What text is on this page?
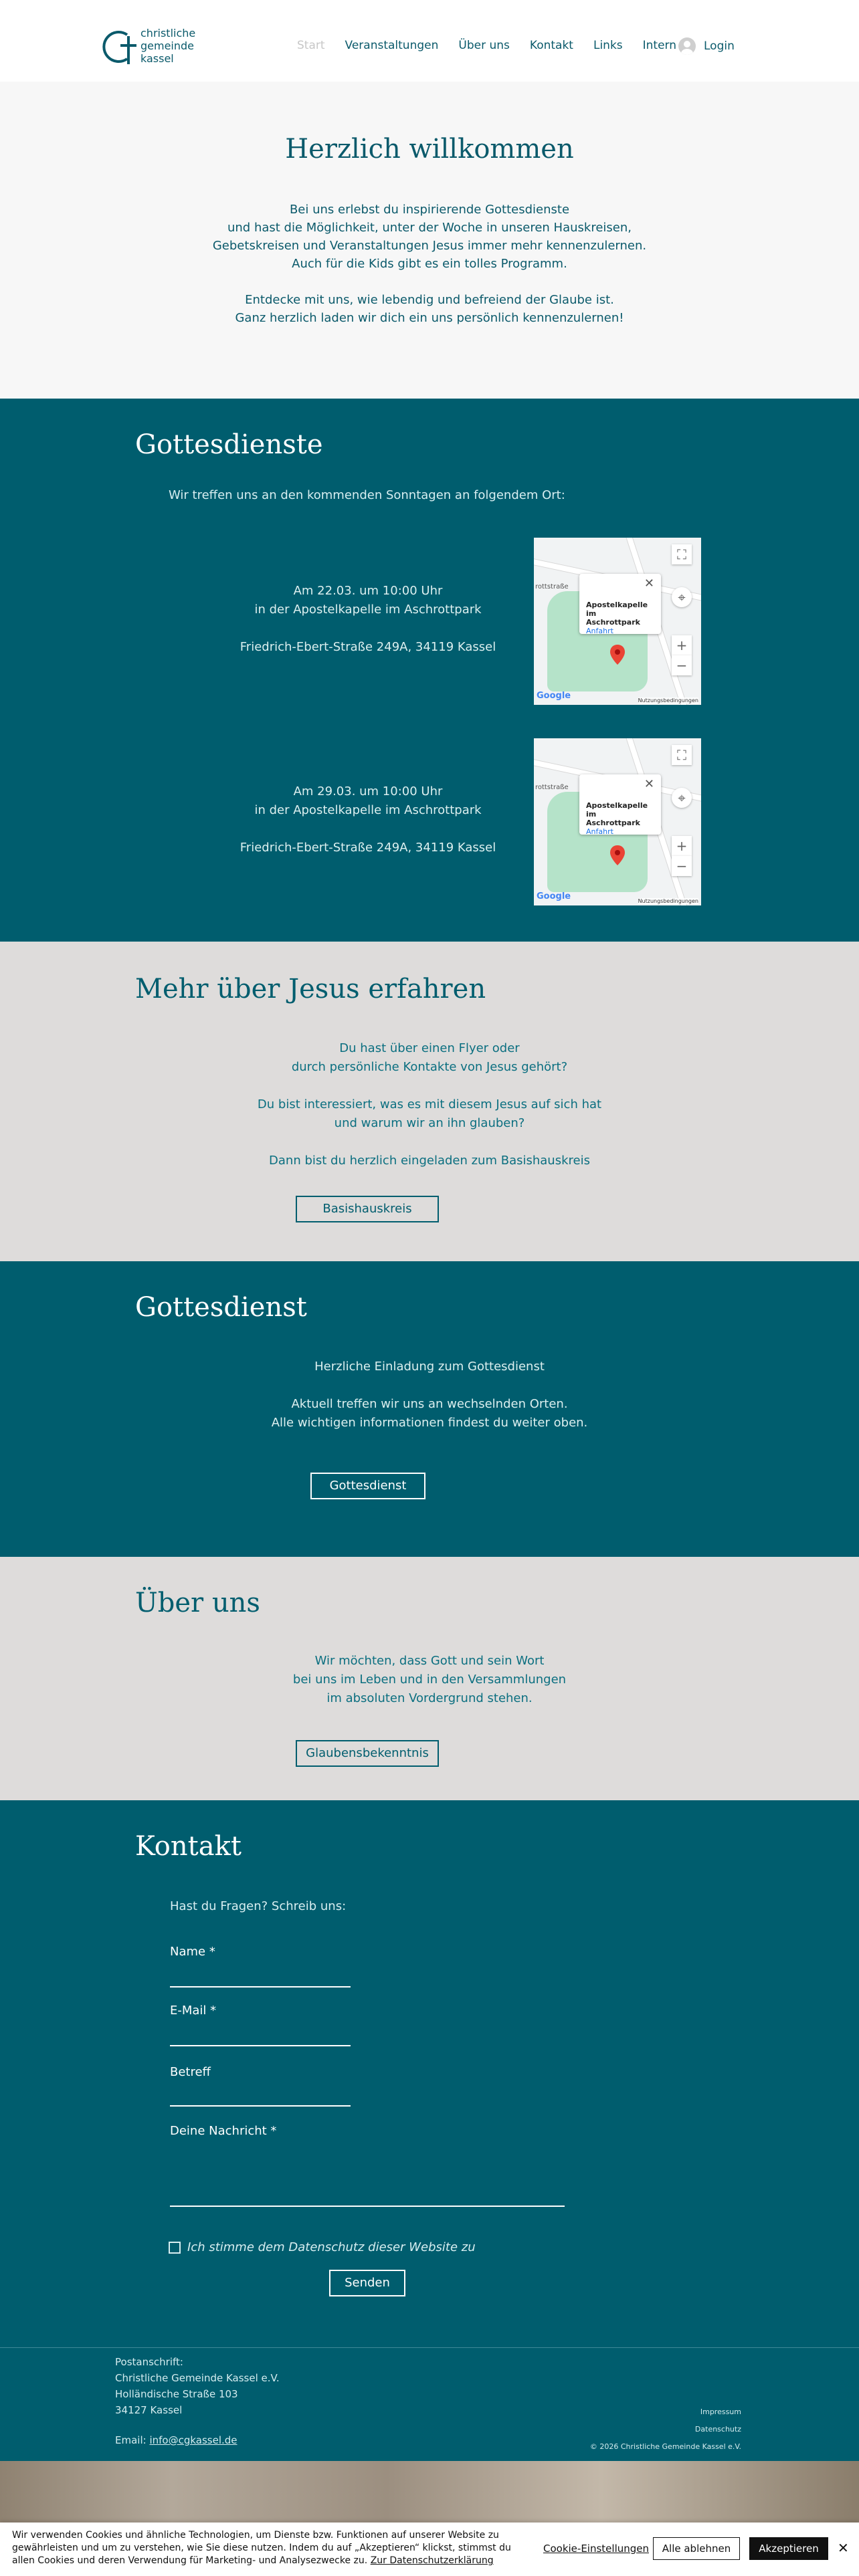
christliche
gemeinde
kassel
Start Veranstaltungen Über uns Kontakt Links Intern Login
Herzlich willkommen
Bei uns erlebst du inspirierende Gottesdienste
und hast die Möglichkeit, unter der Woche in unseren Hauskreisen,
Gebetskreisen und Veranstaltungen Jesus immer mehr kennenzulernen.
Auch für die Kids gibt es ein tolles Programm.
Entdecke mit uns, wie lebendig und befreiend der Glaube ist.
Ganz herzlich laden wir dich ein uns persönlich kennenzulernen!
Gottesdienste
Wir treffen uns an den kommenden Sonntagen an folgendem Ort:
Am 22.03. um 10:00 Uhr
in der Apostelkapelle im Aschrottpark
Friedrich-Ebert-Straße 249A, 34119 Kassel
rottstraße	✕
Apostelkapelle im
Aschrottpark
Anfahrt
⛶
⌖
+
−
Google	Nutzungsbedingungen
Am 29.03. um 10:00 Uhr
in der Apostelkapelle im Aschrottpark
Friedrich-Ebert-Straße 249A, 34119 Kassel
rottstraße	✕
Apostelkapelle im
Aschrottpark
Anfahrt
⛶
⌖
+
−
Google	Nutzungsbedingungen
Mehr über Jesus erfahren
Du hast über einen Flyer oder
durch persönliche Kontakte von Jesus gehört?
Du bist interessiert, was es mit diesem Jesus auf sich hat
und warum wir an ihn glauben?
Dann bist du herzlich eingeladen zum Basishauskreis
Basishauskreis
Gottesdienst
Herzliche Einladung zum Gottesdienst
Aktuell treffen wir uns an wechselnden Orten.
Alle wichtigen informationen findest du weiter oben.
Gottesdienst
Über uns
Wir möchten, dass Gott und sein Wort
bei uns im Leben und in den Versammlungen
im absoluten Vordergrund stehen.
Glaubensbekenntnis
Kontakt
Hast du Fragen? Schreib uns:
Name *
E-Mail *
Betreff
Deine Nachricht *
Ich stimme dem Datenschutz dieser Website zu
Senden
Postanschrift:
Christliche Gemeinde Kassel e.V.
Holländische Straße 103
34127 Kassel
Email: info@cgkassel.de
Impressum
Datenschutz
© 2026 Christliche Gemeinde Kassel e.V.
Wir verwenden Cookies und ähnliche Technologien, um Dienste bzw. Funktionen auf unserer Website zu gewährleisten und um zu verstehen, wie Sie diese nutzen. Indem du auf „Akzeptieren“ klickst, stimmst du allen Cookies und deren Verwendung für Marketing- und Analysezwecke zu. Zur Datenschutzerklärung
Cookie-Einstellungen	Alle ablehnen	Akzeptieren	✕
